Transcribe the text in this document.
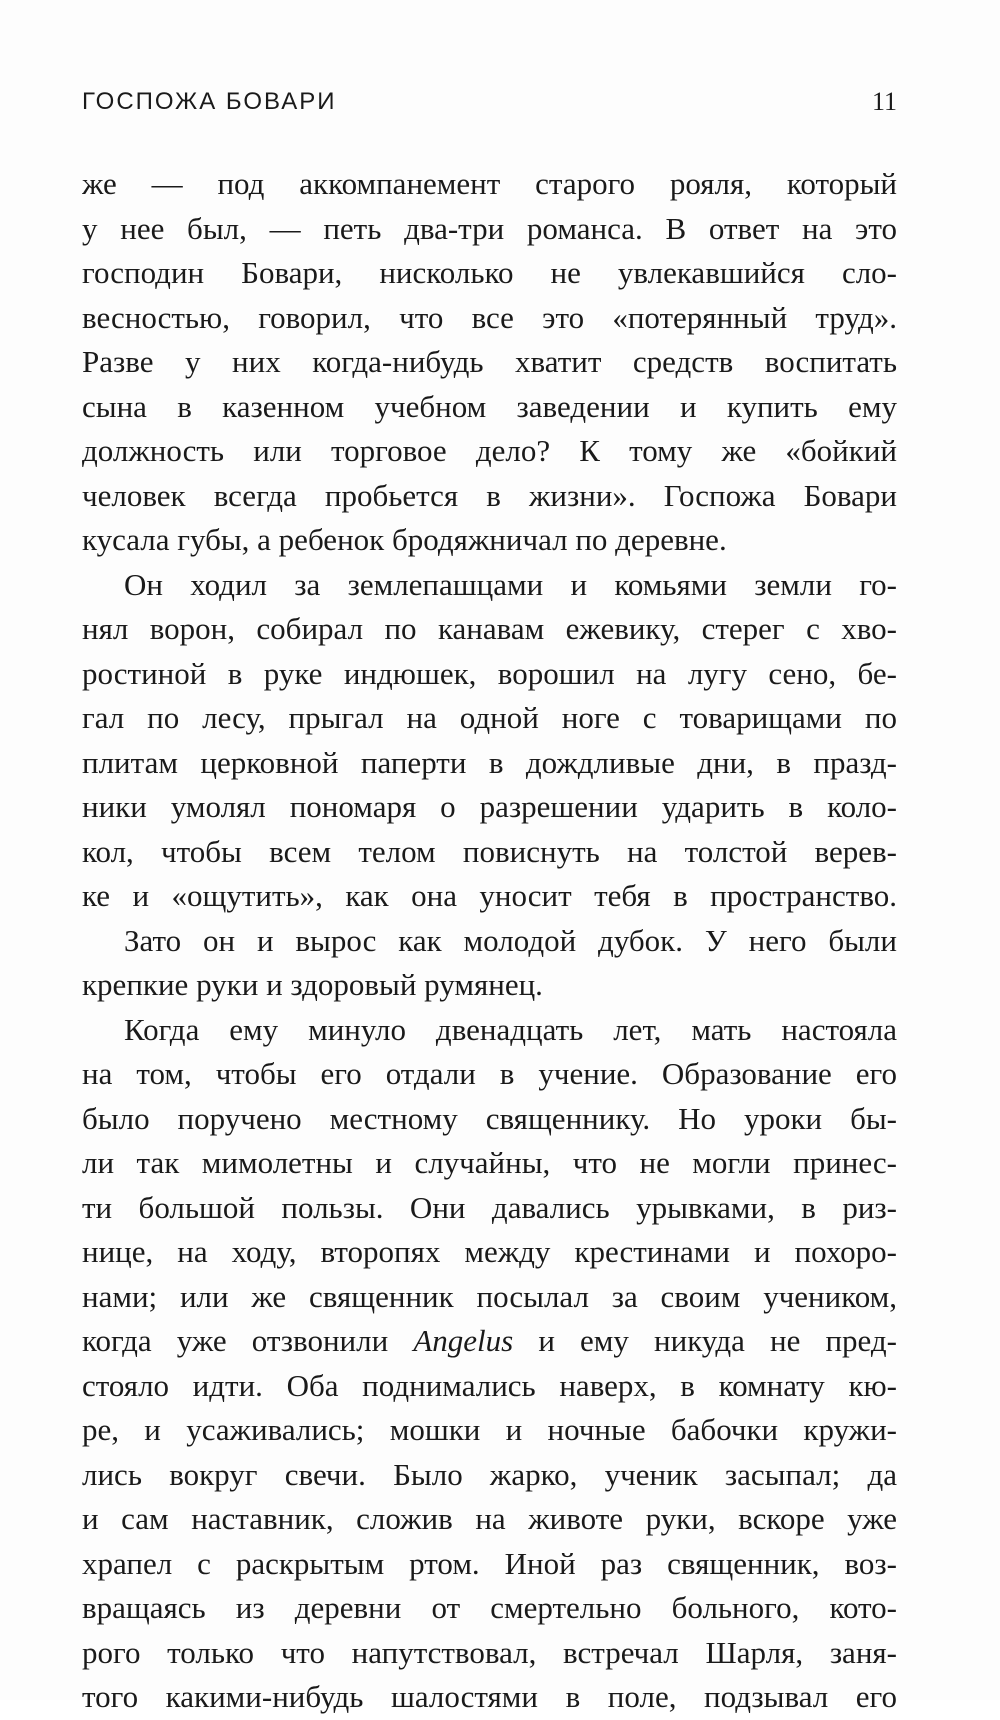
ГОСПОЖА БОВАРИ	11
же — под аккомпанемент старого рояля, который
у нее был, — петь два-три романса. В ответ на это
господин Бовари, нисколько не увлекавшийся сло-
весностью, говорил, что все это «потерянный труд».
Разве у них когда-нибудь хватит средств воспитать
сына в казенном учебном заведении и купить ему
должность или торговое дело? К тому же «бойкий
человек всегда пробьется в жизни». Госпожа Бовари
кусала губы, а ребенок бродяжничал по деревне.
Он ходил за землепашцами и комьями земли го-
нял ворон, собирал по канавам ежевику, стерег с хво-
ростиной в руке индюшек, ворошил на лугу сено, бе-
гал по лесу, прыгал на одной ноге с товарищами по
плитам церковной паперти в дождливые дни, в празд-
ники умолял пономаря о разрешении ударить в коло-
кол, чтобы всем телом повиснуть на толстой верев-
ке и «ощутить», как она уносит тебя в пространство.
Зато он и вырос как молодой дубок. У него были
крепкие руки и здоровый румянец.
Когда ему минуло двенадцать лет, мать настояла
на том, чтобы его отдали в учение. Образование его
было поручено местному священнику. Но уроки бы-
ли так мимолетны и случайны, что не могли принес-
ти большой пользы. Они давались урывками, в риз-
нице, на ходу, второпях между крестинами и похоро-
нами; или же священник посылал за своим учеником,
когда уже отзвонили Angelus и ему никуда не пред-
стояло идти. Оба поднимались наверх, в комнату кю-
ре, и усаживались; мошки и ночные бабочки кружи-
лись вокруг свечи. Было жарко, ученик засыпал; да
и сам наставник, сложив на животе руки, вскоре уже
храпел с раскрытым ртом. Иной раз священник, воз-
вращаясь из деревни от смертельно больного, кото-
рого только что напутствовал, встречал Шарля, заня-
того какими-нибудь шалостями в поле, подзывал его
